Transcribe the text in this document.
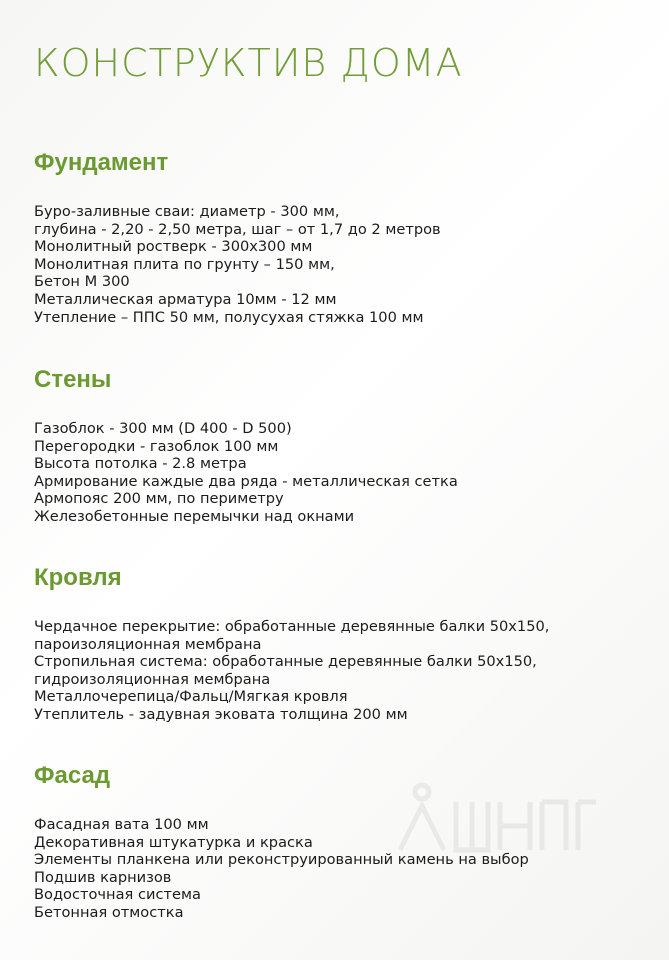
КОНСТРУКТИВ ДОМА
Фундамент
Буро-заливные сваи: диаметр - 300 мм,
глубина - 2,20 - 2,50 метра, шаг – от 1,7 до 2 метров
Монолитный ростверк - 300х300 мм
Монолитная плита по грунту – 150 мм,
Бетон М 300
Металлическая арматура 10мм - 12 мм
Утепление – ППС 50 мм, полусухая стяжка 100 мм
Стены
Газоблок - 300 мм (D 400 - D 500)
Перегородки - газоблок 100 мм
Высота потолка - 2.8 метра
Армирование каждые два ряда - металлическая сетка
Армопояс 200 мм, по периметру
Железобетонные перемычки над окнами
Кровля
Чердачное перекрытие: обработанные деревянные балки 50х150,
пароизоляционная мембрана
Стропильная система: обработанные деревянные балки 50х150,
гидроизоляционная мембрана
Металлочерепица/Фальц/Мягкая кровля
Утеплитель - задувная эковата толщина 200 мм
Фасад
Фасадная вата 100 мм
Декоративная штукатурка и краска
Элементы планкена или реконструированный камень на выбор
Подшив карнизов
Водосточная система
Бетонная отмостка
